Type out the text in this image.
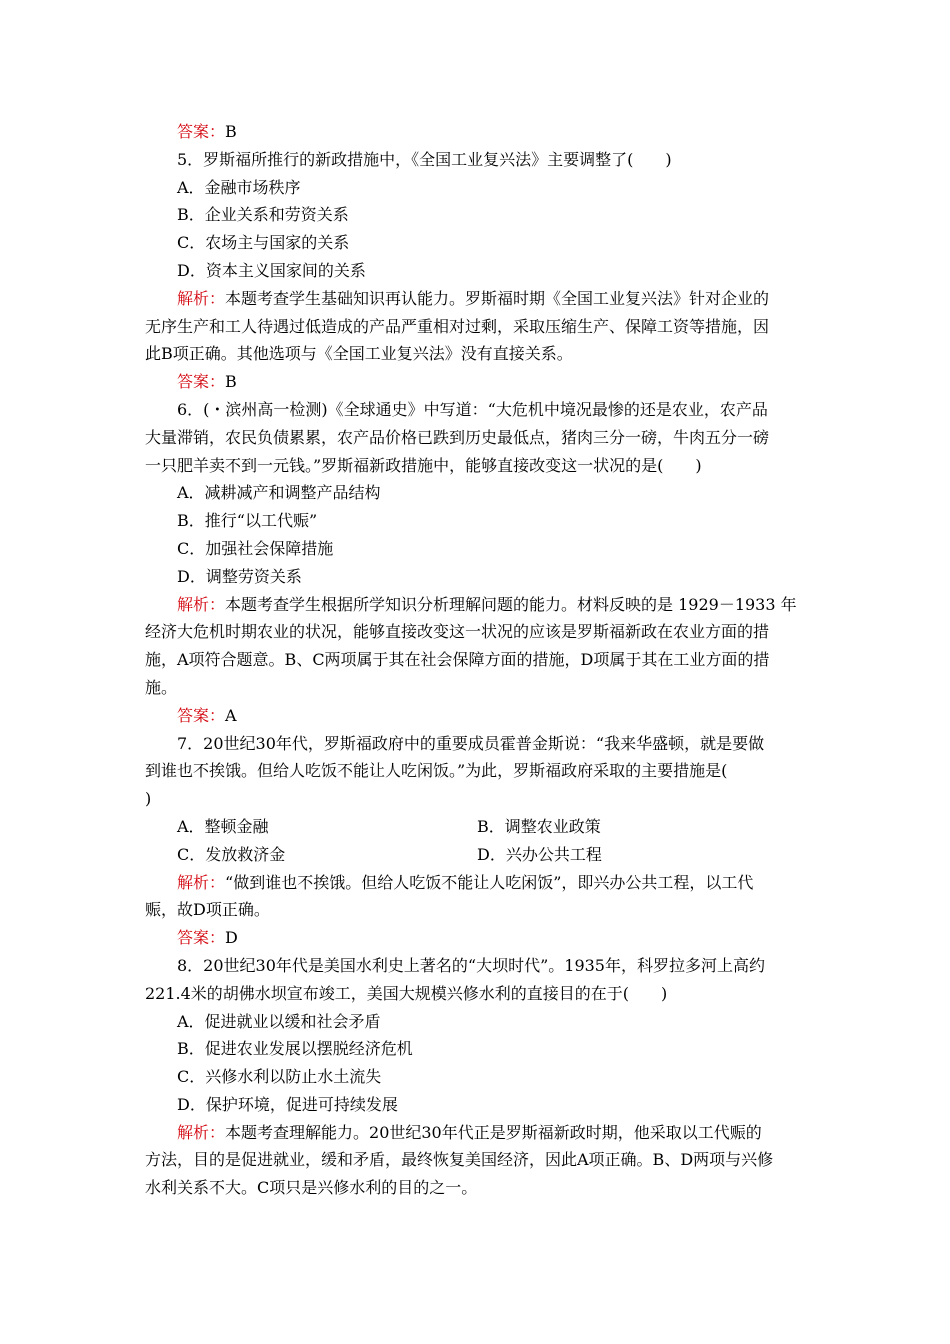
答案：B

5．罗斯福所推行的新政措施中，《全国工业复兴法》主要调整了(　　)

A．金融市场秩序

B．企业关系和劳资关系

C．农场主与国家的关系

D．资本主义国家间的关系

解析：本题考查学生基础知识再认能力。罗斯福时期《全国工业复兴法》针对企业的

无序生产和工人待遇过低造成的产品严重相对过剩，采取压缩生产、保障工资等措施，因

此B项正确。其他选项与《全国工业复兴法》没有直接关系。

答案：B

6．(・滨州高一检测)《全球通史》中写道：“大危机中境况最惨的还是农业，农产品

大量滞销，农民负债累累，农产品价格已跌到历史最低点，猪肉三分一磅，牛肉五分一磅

一只肥羊卖不到一元钱。”罗斯福新政措施中，能够直接改变这一状况的是(　　)

A．减耕减产和调整产品结构

B．推行“以工代赈”

C．加强社会保障措施

D．调整劳资关系

解析：本题考查学生根据所学知识分析理解问题的能力。材料反映的是 1929－1933 年

经济大危机时期农业的状况，能够直接改变这一状况的应该是罗斯福新政在农业方面的措

施，A项符合题意。B、C两项属于其在社会保障方面的措施，D项属于其在工业方面的措

施。

答案：A

7．20世纪30年代，罗斯福政府中的重要成员霍普金斯说：“我来华盛顿，就是要做

到谁也不挨饿。但给人吃饭不能让人吃闲饭。”为此，罗斯福政府采取的主要措施是(

)

A．整顿金融	B．调整农业政策
C．发放救济金	D．兴办公共工程

解析：“做到谁也不挨饿。但给人吃饭不能让人吃闲饭”，即兴办公共工程，以工代

赈，故D项正确。

答案：D

8．20世纪30年代是美国水利史上著名的“大坝时代”。1935年，科罗拉多河上高约

221.4米的胡佛水坝宣布竣工，美国大规模兴修水利的直接目的在于(　　)

A．促进就业以缓和社会矛盾

B．促进农业发展以摆脱经济危机

C．兴修水利以防止水土流失

D．保护环境，促进可持续发展

解析：本题考查理解能力。20世纪30年代正是罗斯福新政时期，他采取以工代赈的

方法，目的是促进就业，缓和矛盾，最终恢复美国经济，因此A项正确。B、D两项与兴修

水利关系不大。C项只是兴修水利的目的之一。
